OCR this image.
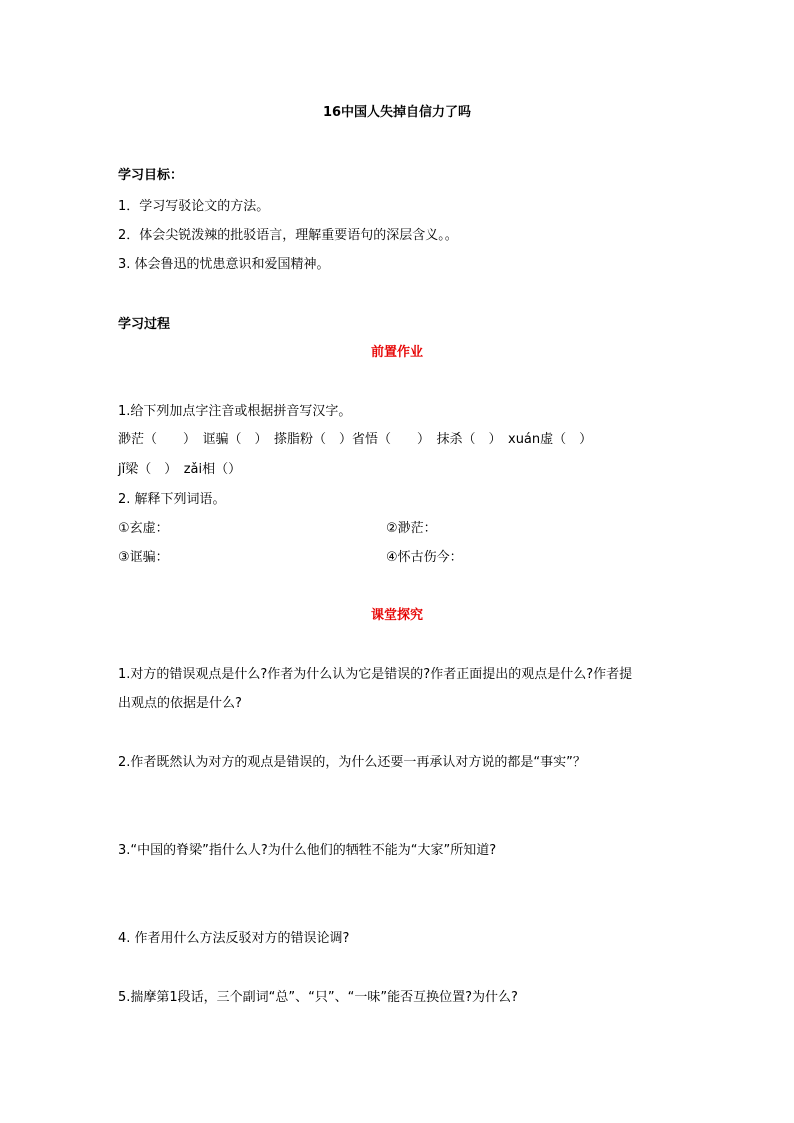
16中国人失掉自信力了吗
学习目标：
1．学习写驳论文的方法。
2．体会尖锐泼辣的批驳语言，理解重要语句的深层含义。。
3. 体会鲁迅的忧患意识和爱国精神。
学习过程
前置作业
1.给下列加点字注音或根据拼音写汉字。
渺茫（　　）　诓骗（　）　搽脂粉（　）省悟（　　）　抹杀（　）　xuán虚（　）
jǐ梁（　）　zǎi相（）
2. 解释下列词语。
①玄虚：	②渺茫：
③诓骗：	④怀古伤今：
课堂探究
1.对方的错误观点是什么?作者为什么认为它是错误的?作者正面提出的观点是什么?作者提
出观点的依据是什么?
2.作者既然认为对方的观点是错误的，为什么还要一再承认对方说的都是“事实”？
3.“中国的脊梁”指什么人?为什么他们的牺牲不能为“大家”所知道?
4. 作者用什么方法反驳对方的错误论调?
5.揣摩第1段话，三个副词“总”、“只”、“一味”能否互换位置?为什么?
